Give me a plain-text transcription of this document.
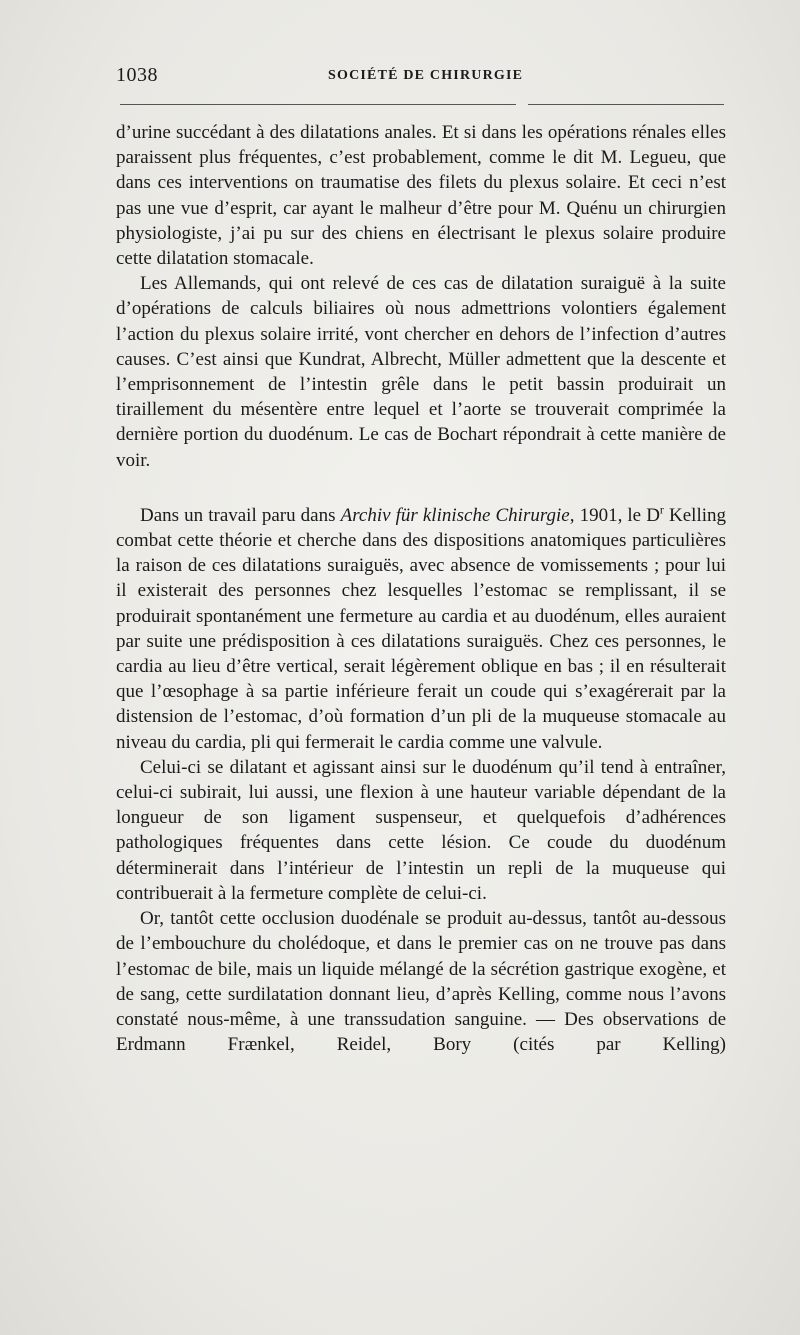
1038	SOCIÉTÉ DE CHIRURGIE

d’urine succédant à des dilatations anales. Et si dans les opérations rénales elles paraissent plus fréquentes, c’est probablement, comme le dit M. Legueu, que dans ces interventions on traumatise des filets du plexus solaire. Et ceci n’est pas une vue d’esprit, car ayant le malheur d’être pour M. Quénu un chirurgien physiologiste, j’ai pu sur des chiens en électrisant le plexus solaire produire cette dilatation stomacale.

Les Allemands, qui ont relevé de ces cas de dilatation suraiguë à la suite d’opérations de calculs biliaires où nous admettrions volontiers également l’action du plexus solaire irrité, vont chercher en dehors de l’infection d’autres causes. C’est ainsi que Kundrat, Albrecht, Müller admettent que la descente et l’emprisonnement de l’intestin grêle dans le petit bassin produirait un tiraillement du mésentère entre lequel et l’aorte se trouverait comprimée la dernière portion du duodénum. Le cas de Bochart répondrait à cette manière de voir.

Dans un travail paru dans Archiv für klinische Chirurgie, 1901, le $D^r$ Kelling combat cette théorie et cherche dans des dispositions anatomiques particulières la raison de ces dilatations suraiguës, avec absence de vomissements ; pour lui il existerait des personnes chez lesquelles l’estomac se remplissant, il se produirait spontanément une fermeture au cardia et au duodénum, elles auraient par suite une prédisposition à ces dilatations suraiguës. Chez ces personnes, le cardia au lieu d’être vertical, serait légèrement oblique en bas ; il en résulterait que l’œsophage à sa partie inférieure ferait un coude qui s’exagérerait par la distension de l’estomac, d’où formation d’un pli de la muqueuse stomacale au niveau du cardia, pli qui fermerait le cardia comme une valvule.

Celui-ci se dilatant et agissant ainsi sur le duodénum qu’il tend à entraîner, celui-ci subirait, lui aussi, une flexion à une hauteur variable dépendant de la longueur de son ligament suspenseur, et quelquefois d’adhérences pathologiques fréquentes dans cette lésion. Ce coude du duodénum déterminerait dans l’intérieur de l’intestin un repli de la muqueuse qui contribuerait à la fermeture complète de celui-ci.

Or, tantôt cette occlusion duodénale se produit au-dessus, tantôt au-dessous de l’embouchure du cholédoque, et dans le premier cas on ne trouve pas dans l’estomac de bile, mais un liquide mélangé de la sécrétion gastrique exogène, et de sang, cette surdilatation donnant lieu, d’après Kelling, comme nous l’avons constaté nous-même, à une transsudation sanguine. — Des observations de Erdmann Frænkel, Reidel, Bory (cités par Kelling)
